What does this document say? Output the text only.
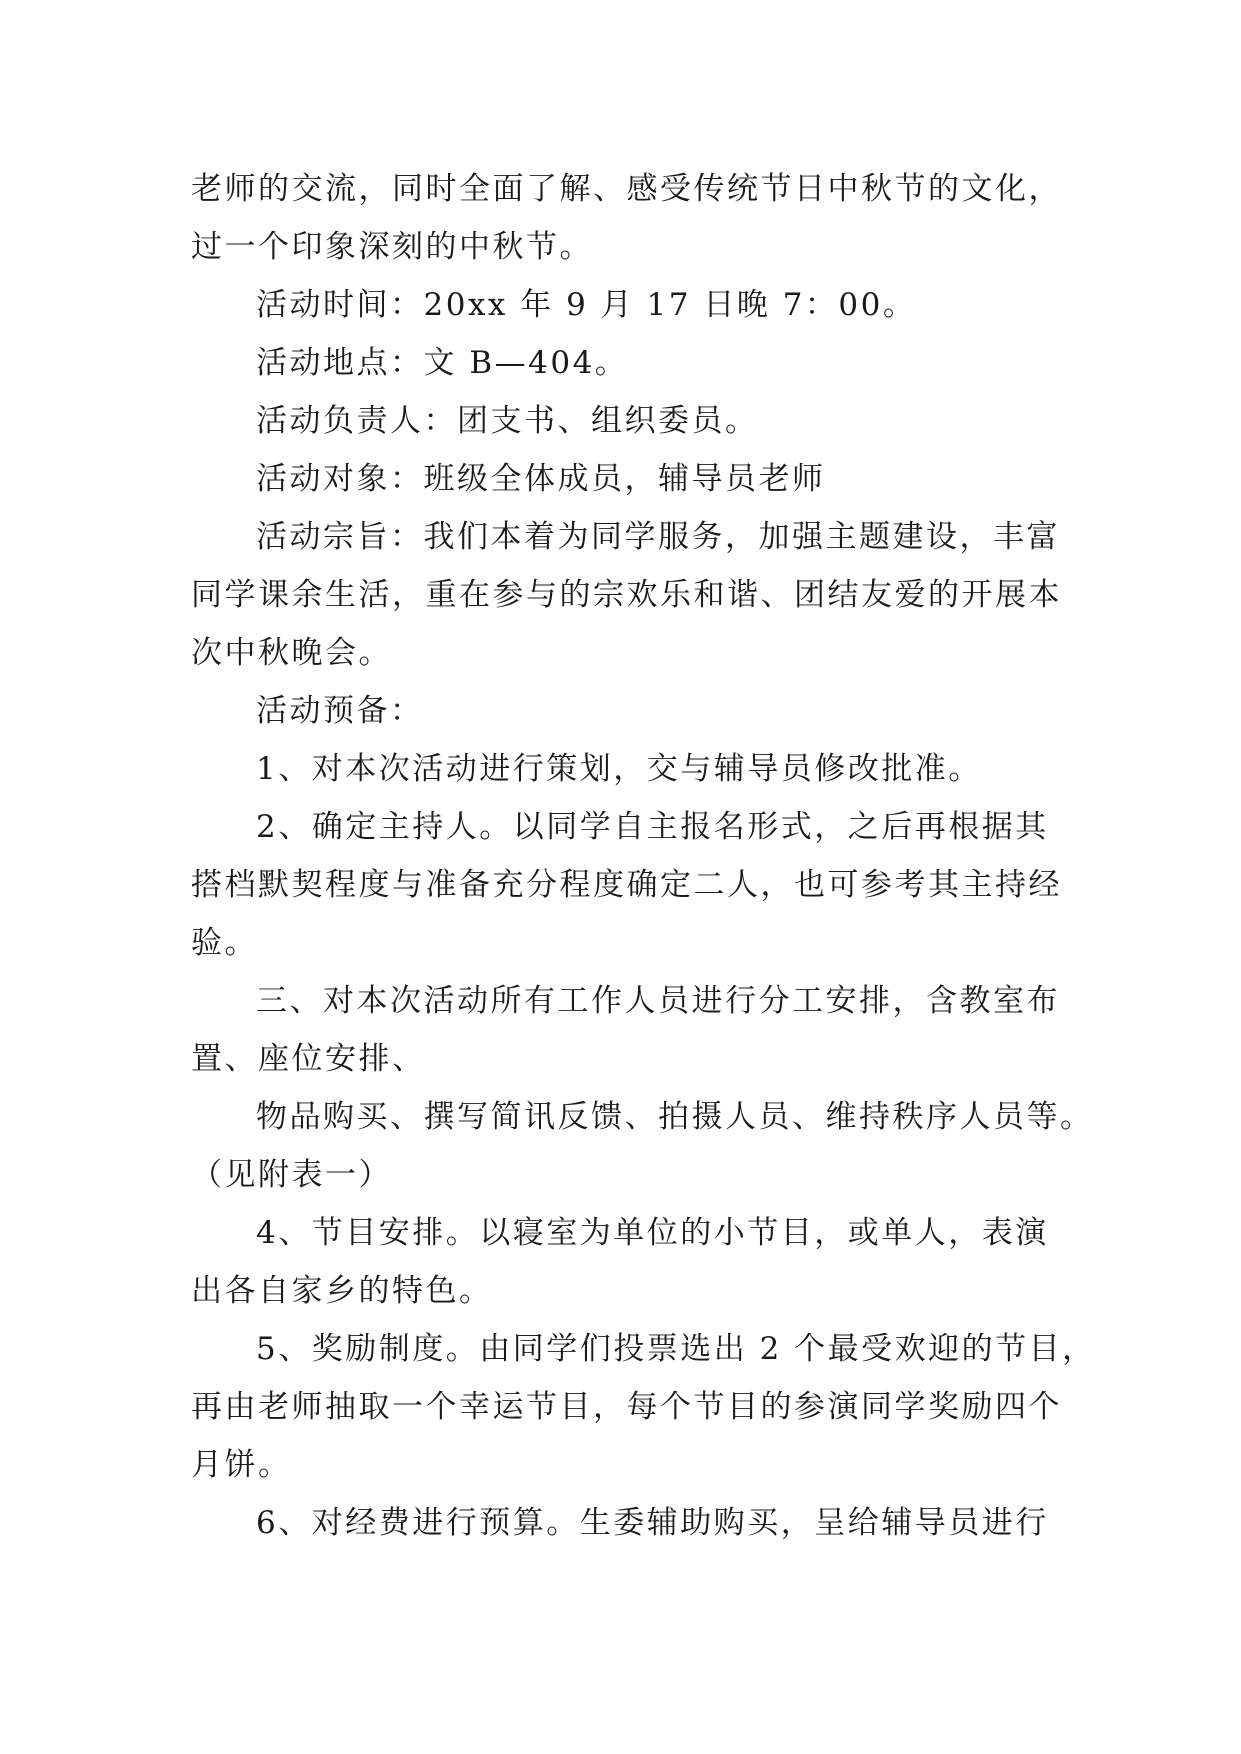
老师的交流，同时全面了解、感受传统节日中秋节的文化，
过一个印象深刻的中秋节。
活动时间：20xx 年 9 月 17 日晚 7：00。
活动地点：文 B—404。
活动负责人：团支书、组织委员。
活动对象：班级全体成员，辅导员老师
活动宗旨：我们本着为同学服务，加强主题建设，丰富
同学课余生活，重在参与的宗欢乐和谐、团结友爱的开展本
次中秋晚会。
活动预备：
1、对本次活动进行策划，交与辅导员修改批准。
2、确定主持人。以同学自主报名形式，之后再根据其
搭档默契程度与准备充分程度确定二人，也可参考其主持经
验。
三、对本次活动所有工作人员进行分工安排，含教室布
置、座位安排、
物品购买、撰写简讯反馈、拍摄人员、维持秩序人员等。
（见附表一）
4、节目安排。以寝室为单位的小节目，或单人，表演
出各自家乡的特色。
5、奖励制度。由同学们投票选出 2 个最受欢迎的节目，
再由老师抽取一个幸运节目，每个节目的参演同学奖励四个
月饼。
6、对经费进行预算。生委辅助购买，呈给辅导员进行
